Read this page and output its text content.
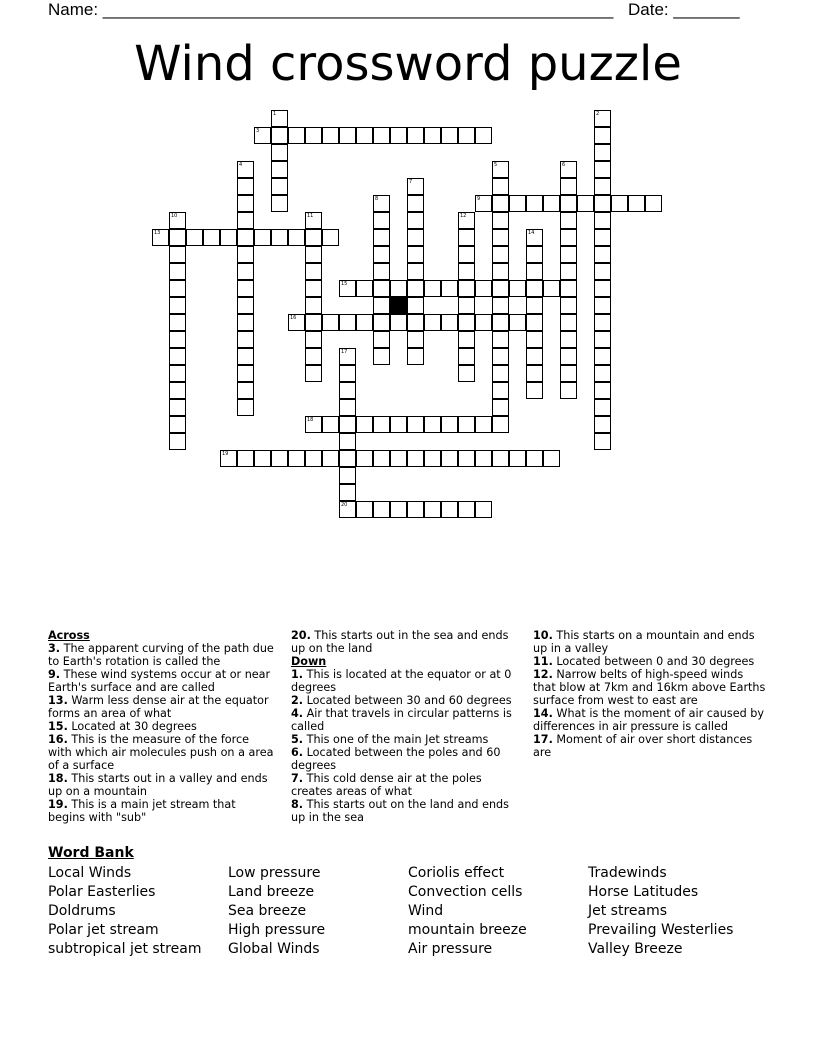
Name: ______________________________________________________ Date: _______
Wind crossword puzzle
1	2
3
4	5	6
7
8	9
10	11	12
13	14
15
16
17
20
18
19
Across
3. The apparent curving of the path due to Earth's rotation is called the
9. These wind systems occur at or near Earth's surface and are called
13. Warm less dense air at the equator forms an area of what
15. Located at 30 degrees
16. This is the measure of the force with which air molecules push on a area of a surface
18. This starts out in a valley and ends up on a mountain
19. This is a main jet stream that begins with "sub"
20. This starts out in the sea and ends up on the land
Down
1. This is located at the equator or at 0 degrees
2. Located between 30 and 60 degrees
4. Air that travels in circular patterns is called
5. This one of the main Jet streams
6. Located between the poles and 60 degrees
7. This cold dense air at the poles creates areas of what
8. This starts out on the land and ends up in the sea
10. This starts on a mountain and ends up in a valley
11. Located between 0 and 30 degrees
12. Narrow belts of high-speed winds that blow at 7km and 16km above Earths surface from west to east are
14. What is the moment of air caused by differences in air pressure is called
17. Moment of air over short distances are
Word Bank
Local Winds	Low pressure	Coriolis effect	Tradewinds
Polar Easterlies	Land breeze	Convection cells	Horse Latitudes
Doldrums	Sea breeze	Wind	Jet streams
Polar jet stream	High pressure	mountain breeze	Prevailing Westerlies
subtropical jet stream	Global Winds	Air pressure	Valley Breeze
